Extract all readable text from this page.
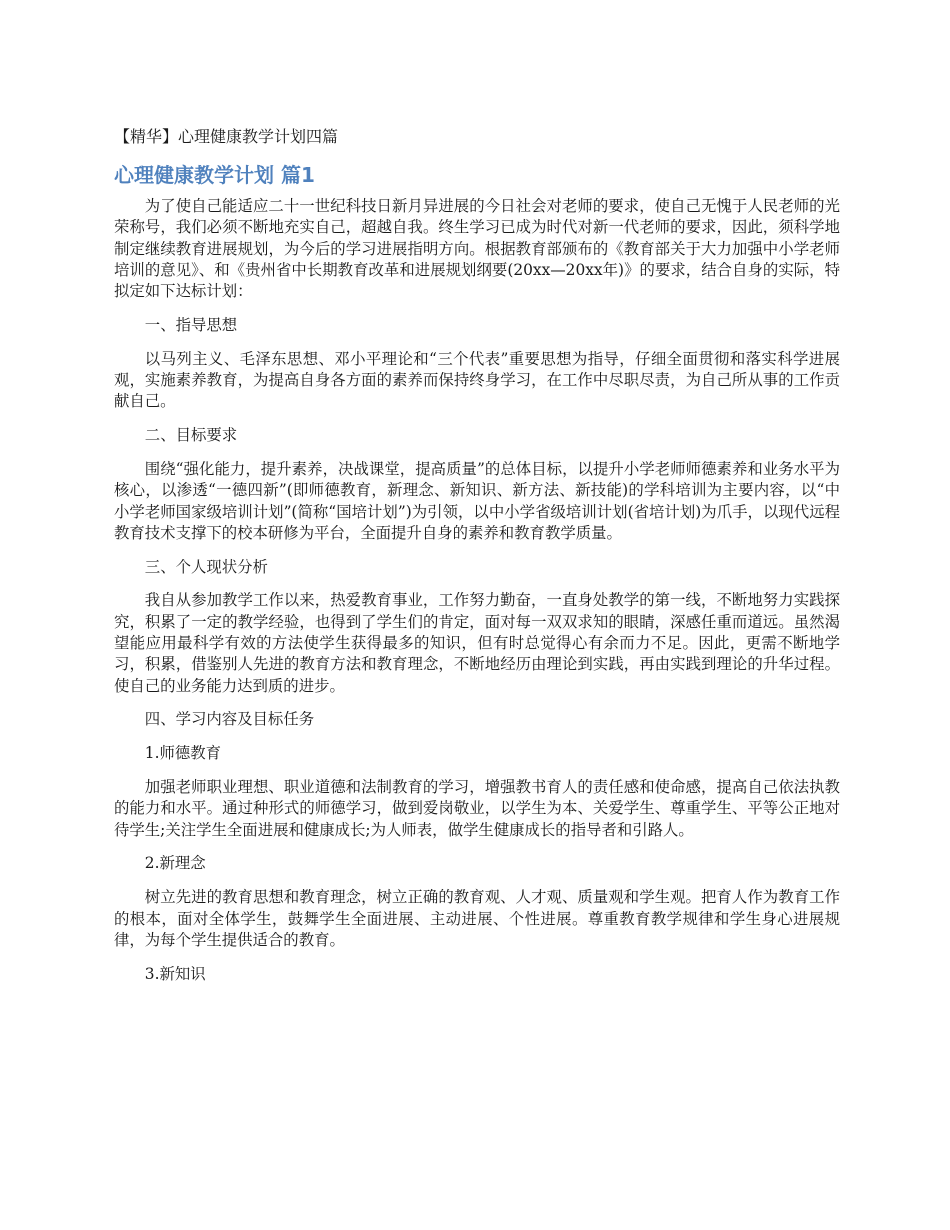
【精华】心理健康教学计划四篇
心理健康教学计划 篇1

为了使自己能适应二十一世纪科技日新月异进展的今日社会对老师的要求，使自己无愧于人民老师的光荣称号，我们必须不断地充实自己，超越自我。终生学习已成为时代对新一代老师的要求，因此，须科学地制定继续教育进展规划，为今后的学习进展指明方向。根据教育部颁布的《教育部关于大力加强中小学老师培训的意见》、和《贵州省中长期教育改革和进展规划纲要(20xx—20xx年)》的要求，结合自身的实际，特拟定如下达标计划：

一、指导思想

以马列主义、毛泽东思想、邓小平理论和“三个代表”重要思想为指导，仔细全面贯彻和落实科学进展观，实施素养教育，为提高自身各方面的素养而保持终身学习，在工作中尽职尽责，为自己所从事的工作贡献自己。

二、目标要求

围绕“强化能力，提升素养，决战课堂，提高质量”的总体目标，以提升小学老师师德素养和业务水平为核心，以渗透“一德四新”(即师德教育，新理念、新知识、新方法、新技能)的学科培训为主要内容，以“中小学老师国家级培训计划”(简称“国培计划”)为引领，以中小学省级培训计划(省培计划)为爪手，以现代远程教育技术支撑下的校本研修为平台，全面提升自身的素养和教育教学质量。

三、个人现状分析

我自从参加教学工作以来，热爱教育事业，工作努力勤奋，一直身处教学的第一线，不断地努力实践探究，积累了一定的教学经验，也得到了学生们的肯定，面对每一双双求知的眼睛，深感任重而道远。虽然渴望能应用最科学有效的方法使学生获得最多的知识，但有时总觉得心有余而力不足。因此，更需不断地学习，积累，借鉴别人先进的教育方法和教育理念，不断地经历由理论到实践，再由实践到理论的升华过程。使自己的业务能力达到质的进步。

四、学习内容及目标任务

1.师德教育

加强老师职业理想、职业道德和法制教育的学习，增强教书育人的责任感和使命感，提高自己依法执教的能力和水平。通过种形式的师德学习，做到爱岗敬业，以学生为本、关爱学生、尊重学生、平等公正地对待学生;关注学生全面进展和健康成长;为人师表，做学生健康成长的指导者和引路人。

2.新理念

树立先进的教育思想和教育理念，树立正确的教育观、人才观、质量观和学生观。把育人作为教育工作的根本，面对全体学生，鼓舞学生全面进展、主动进展、个性进展。尊重教育教学规律和学生身心进展规律，为每个学生提供适合的教育。

3.新知识
